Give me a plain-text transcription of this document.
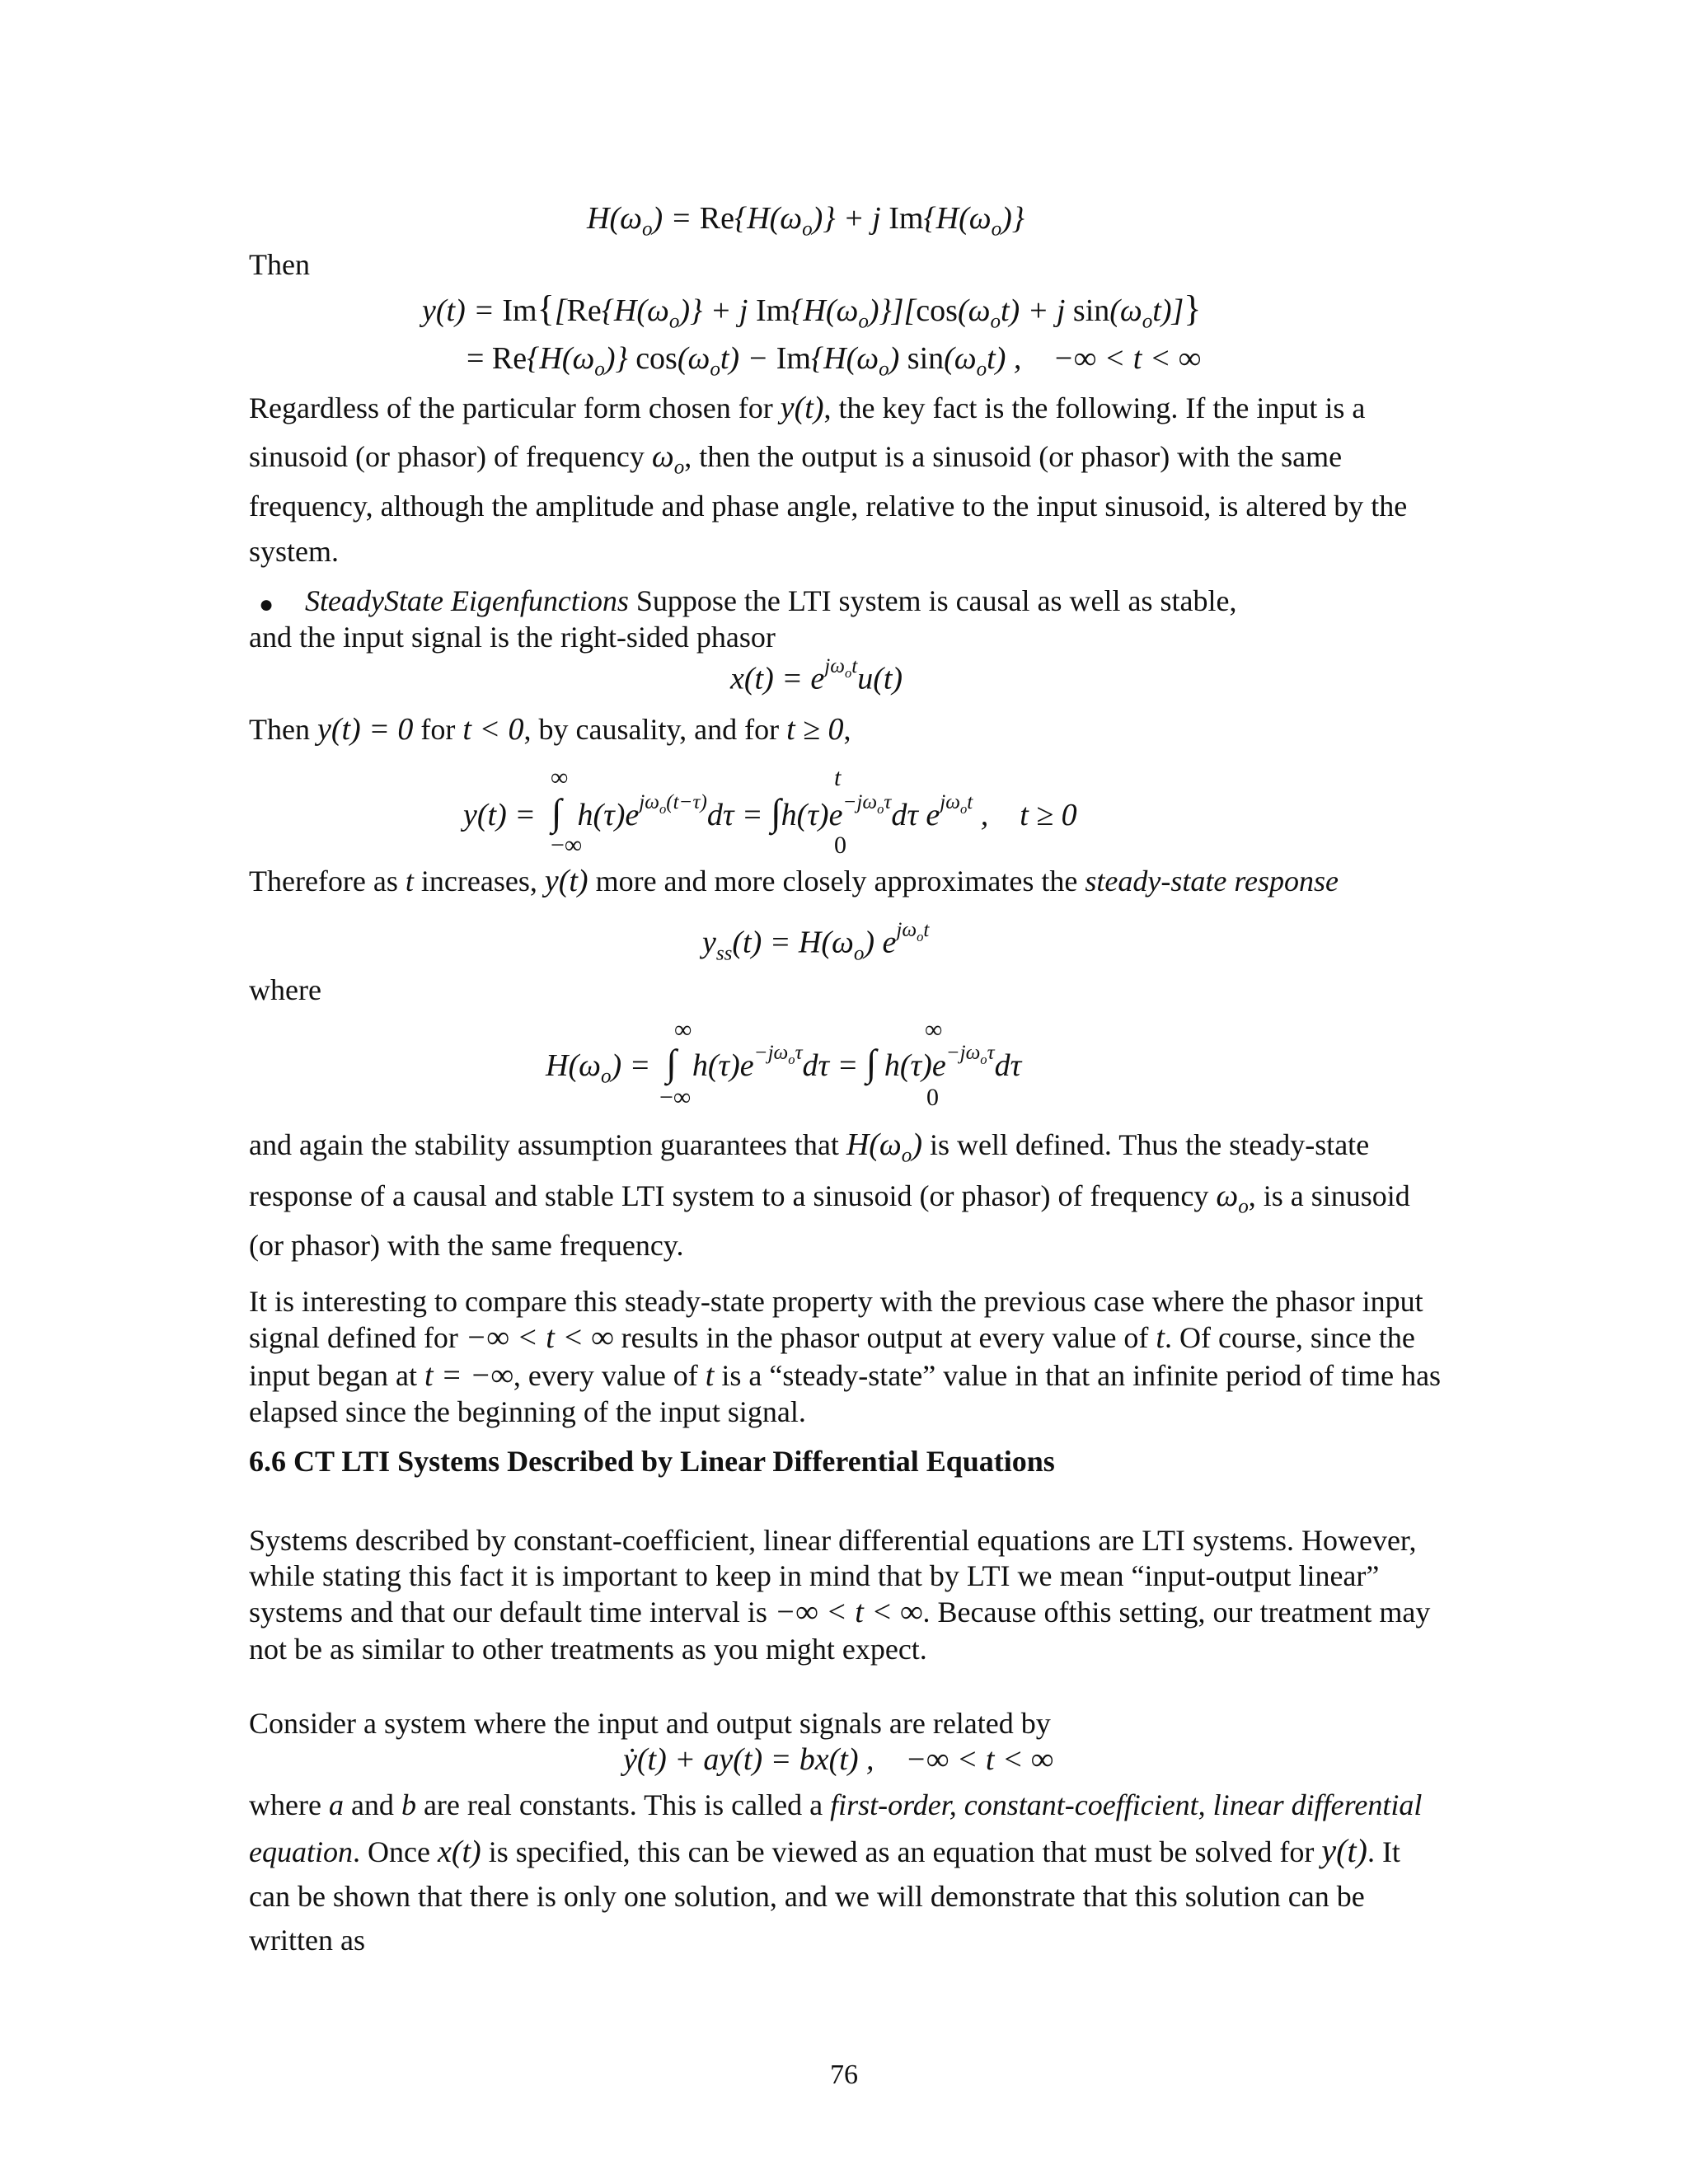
$H(\omega_o) = Re\{H(\omega_o)\} + j$ $Im\{H(\omega_o)\}$
Then
$y(t) = Im\{[Re\{H(\omega_o)\} + j$ $Im\{H(\omega_o)\}][\cos(\omega_ot) + j$ $\sin(\omega_ot)$]}
= $Re\{H(\omega_o)\} \cos(\omega_ot) - Im\{H(\omega_o)$ $\sin(\omega_ot)$ ,    −∞ < t < ∞

Regardless of the particular form chosen for y(t), the key fact is the following. If the input is a sinusoid (or phasor) of frequency $\omega_o$, then the output is a sinusoid (or phasor) with the same frequency, although the amplitude and phase angle, relative to the input sinusoid, is altered by the system.

●	SteadyState Eigenfunctions Suppose the LTI system is causal as well as stable,
and the input signal is the right-sided phasor

$x(t) = e^{j\omega_ot}u(t)$

Then y(t) = 0 for t < 0, by causality, and for t ≥ 0,

∞
−∞
t
0
y(t) =  ∫  $h(\tau)e^{j\omega_o(t-\tau)}d\tau = \int h(\tau)e^{-j\omega_o\tau}d\tau$ $e^{j\omega_ot}$ ,    t ≥ 0

Therefore as t increases, y(t) more and more closely approximates the steady-state response

$y_{ss}(t) = H(\omega_o)$ $e^{j\omega_ot}$
where
∞
−∞
∞
0
$H(\omega_o)$ =  ∫  $h(\tau)e^{-j\omega_o\tau}d\tau$ = ∫ $h(\tau)e^{-j\omega_o\tau}d\tau$

and again the stability assumption guarantees that $H(\omega_o)$ is well defined. Thus the steady-state response of a causal and stable LTI system to a sinusoid (or phasor) of frequency $\omega_o$, is a sinusoid (or phasor) with the same frequency.

It is interesting to compare this steady-state property with the previous case where the phasor input signal defined for −∞ < t < ∞ results in the phasor output at every value of t. Of course, since the input began at t = −∞, every value of t is a “steady-state” value in that an infinite period of time has elapsed since the beginning of the input signal.

6.6 CT LTI Systems Described by Linear Differential Equations

Systems described by constant-coefficient, linear differential equations are LTI systems. However, while stating this fact it is important to keep in mind that by LTI we mean “input-output linear” systems and that our default time interval is −∞ < t < ∞. Because ofthis setting, our treatment may not be as similar to other treatments as you might expect.

Consider a system where the input and output signals are related by
ẏ(t) + ay(t) = bx(t) ,    −∞ < t < ∞

where a and b are real constants. This is called a first-order, constant-coefficient, linear differential equation. Once x(t) is specified, this can be viewed as an equation that must be solved for y(t). It can be shown that there is only one solution, and we will demonstrate that this solution can be written as

76
